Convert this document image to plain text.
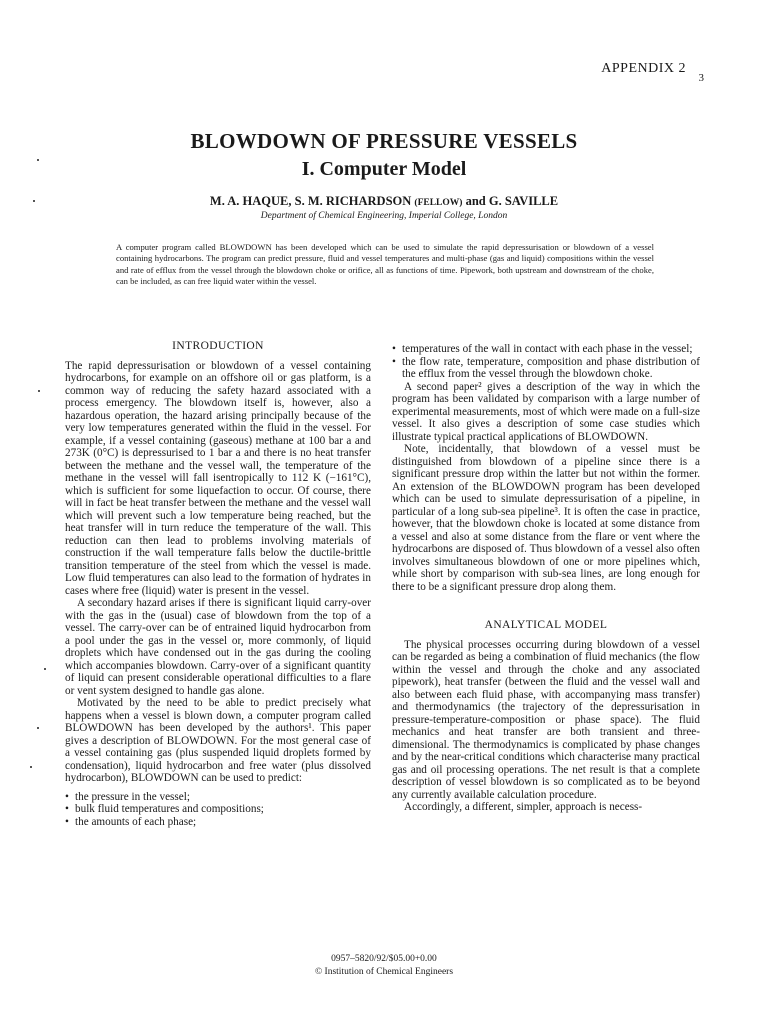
APPENDIX 2
3
BLOWDOWN OF PRESSURE VESSELS
I. Computer Model
M. A. HAQUE, S. M. RICHARDSON (FELLOW) and G. SAVILLE
Department of Chemical Engineering, Imperial College, London
A computer program called BLOWDOWN has been developed which can be used to simulate the rapid depressurisation or blowdown of a vessel containing hydrocarbons. The program can predict pressure, fluid and vessel temperatures and multi-phase (gas and liquid) compositions within the vessel and rate of efflux from the vessel through the blowdown choke or orifice, all as functions of time. Pipework, both upstream and downstream of the choke, can be included, as can free liquid water within the vessel.
INTRODUCTION

The rapid depressurisation or blowdown of a vessel containing hydrocarbons, for example on an offshore oil or gas platform, is a common way of reducing the safety hazard associated with a process emergency. The blowdown itself is, however, also a hazardous operation, the hazard arising principally because of the very low temperatures generated within the fluid in the vessel. For example, if a vessel containing (gaseous) methane at 100 bar a and 273K (0°C) is depressurised to 1 bar a and there is no heat transfer between the methane and the vessel wall, the temperature of the methane in the vessel will fall isentropically to 112 K (−161°C), which is sufficient for some liquefaction to occur. Of course, there will in fact be heat transfer between the methane and the vessel wall which will prevent such a low temperature being reached, but the heat transfer will in turn reduce the temperature of the wall. This reduction can then lead to problems involving materials of construction if the wall temperature falls below the ductile-brittle transition temperature of the steel from which the vessel is made. Low fluid temperatures can also lead to the formation of hydrates in cases where free (liquid) water is present in the vessel.

A secondary hazard arises if there is significant liquid carry-over with the gas in the (usual) case of blowdown from the top of a vessel. The carry-over can be of entrained liquid hydrocarbon from a pool under the gas in the vessel or, more commonly, of liquid droplets which have condensed out in the gas during the cooling which accompanies blowdown. Carry-over of a significant quantity of liquid can present considerable operational difficulties to a flare or vent system designed to handle gas alone.

Motivated by the need to be able to predict precisely what happens when a vessel is blown down, a computer program called BLOWDOWN has been developed by the authors¹. This paper gives a description of BLOWDOWN. For the most general case of a vessel containing gas (plus suspended liquid droplets formed by condensation), liquid hydrocarbon and free water (plus dissolved hydrocarbon), BLOWDOWN can be used to predict:

• the pressure in the vessel;
• bulk fluid temperatures and compositions;
• the amounts of each phase;
• temperatures of the wall in contact with each phase in the vessel;
• the flow rate, temperature, composition and phase distribution of the efflux from the vessel through the blowdown choke.

A second paper² gives a description of the way in which the program has been validated by comparison with a large number of experimental measurements, most of which were made on a full-size vessel. It also gives a description of some case studies which illustrate typical practical applications of BLOWDOWN.

Note, incidentally, that blowdown of a vessel must be distinguished from blowdown of a pipeline since there is a significant pressure drop within the latter but not within the former. An extension of the BLOWDOWN program has been developed which can be used to simulate depressurisation of a pipeline, in particular of a long sub-sea pipeline³. It is often the case in practice, however, that the blowdown choke is located at some distance from a vessel and also at some distance from the flare or vent where the hydrocarbons are disposed of. Thus blowdown of a vessel also often involves simultaneous blowdown of one or more pipelines which, while short by comparison with sub-sea lines, are long enough for there to be a significant pressure drop along them.

ANALYTICAL MODEL

The physical processes occurring during blowdown of a vessel can be regarded as being a combination of fluid mechanics (the flow within the vessel and through the choke and any associated pipework), heat transfer (between the fluid and the vessel wall and also between each fluid phase, with accompanying mass transfer) and thermodynamics (the trajectory of the depressurisation in pressure-temperature-composition or phase space). The fluid mechanics and heat transfer are both transient and three-dimensional. The thermodynamics is complicated by phase changes and by the near-critical conditions which characterise many practical gas and oil processing operations. The net result is that a complete description of vessel blowdown is so complicated as to be beyond any currently available calculation procedure.

Accordingly, a different, simpler, approach is necess-

0957–5820/92/$05.00+0.00
© Institution of Chemical Engineers
